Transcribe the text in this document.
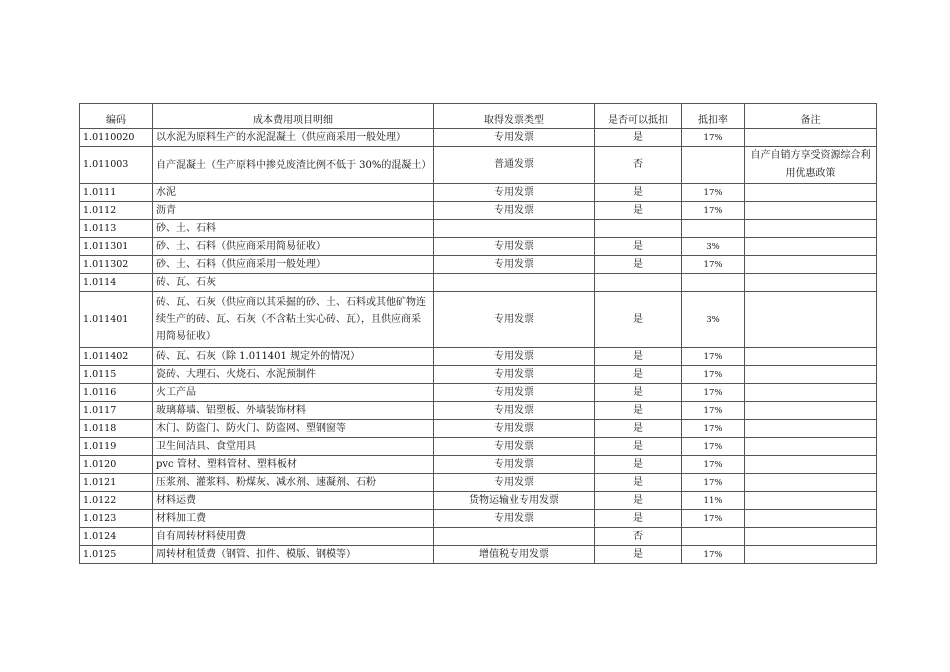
编码	成本费用项目明细	取得发票类型	是否可以抵扣	抵扣率	备注
1.0110020	以水泥为原料生产的水泥混凝土（供应商采用一般处理）	专用发票	是	17%	
1.011003	自产混凝土（生产原料中掺兑废渣比例不低于 30%的混凝土）	普通发票	否		自产自销方享受资源综合利用优惠政策
1.0111	水泥	专用发票	是	17%	
1.0112	沥青	专用发票	是	17%	
1.0113	砂、土、石料				
1.011301	砂、土、石料（供应商采用简易征收）	专用发票	是	3%	
1.011302	砂、土、石料（供应商采用一般处理）	专用发票	是	17%	
1.0114	砖、瓦、石灰				
1.011401	砖、瓦、石灰（供应商以其采掘的砂、土、石料或其他矿物连续生产的砖、瓦、石灰（不含粘土实心砖、瓦），且供应商采用简易征收）	专用发票	是	3%	
1.011402	砖、瓦、石灰（除 1.011401 规定外的情况）	专用发票	是	17%	
1.0115	瓷砖、大理石、火烧石、水泥预制件	专用发票	是	17%	
1.0116	火工产品	专用发票	是	17%	
1.0117	玻璃幕墙、铝塑板、外墙装饰材料	专用发票	是	17%	
1.0118	木门、防盗门、防火门、防盗网、塑钢窗等	专用发票	是	17%	
1.0119	卫生间洁具、食堂用具	专用发票	是	17%	
1.0120	pvc 管材、塑料管材、塑料板材	专用发票	是	17%	
1.0121	压浆剂、灌浆料、粉煤灰、减水剂、速凝剂、石粉	专用发票	是	17%	
1.0122	材料运费	货物运输业专用发票	是	11%	
1.0123	材料加工费	专用发票	是	17%	
1.0124	自有周转材料使用费		否		
1.0125	周转材租赁费（钢管、扣件、模版、钢模等）	增值税专用发票	是	17%	
